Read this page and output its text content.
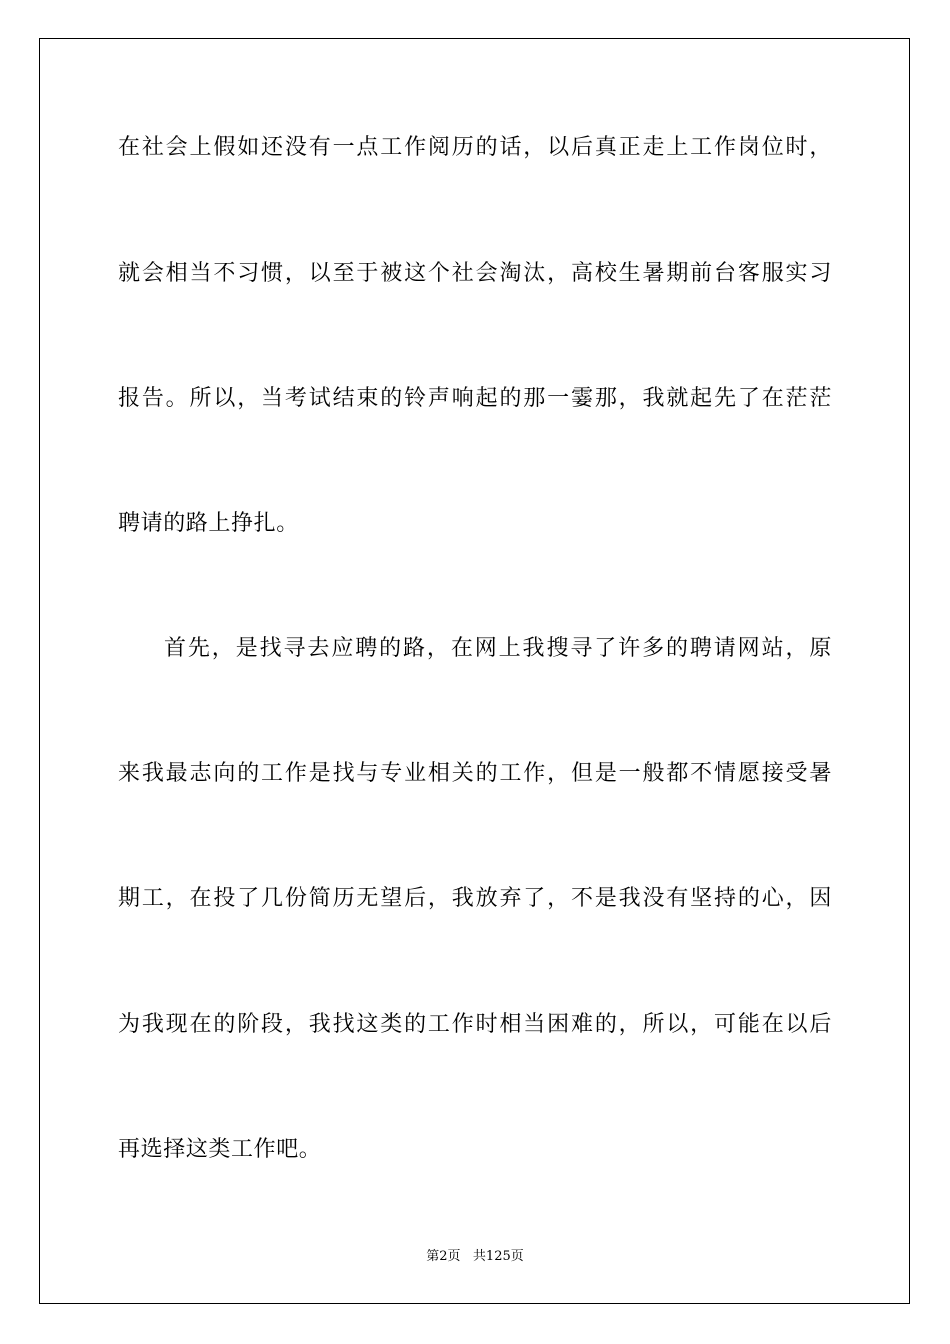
在社会上假如还没有一点工作阅历的话，以后真正走上工作岗位时，
就会相当不习惯，以至于被这个社会淘汰，高校生暑期前台客服实习
报告。所以，当考试结束的铃声响起的那一霎那，我就起先了在茫茫
聘请的路上挣扎。
首先，是找寻去应聘的路，在网上我搜寻了许多的聘请网站，原
来我最志向的工作是找与专业相关的工作，但是一般都不情愿接受暑
期工，在投了几份简历无望后，我放弃了，不是我没有坚持的心，因
为我现在的阶段，我找这类的工作时相当困难的，所以，可能在以后
再选择这类工作吧。
第2页   共125页
